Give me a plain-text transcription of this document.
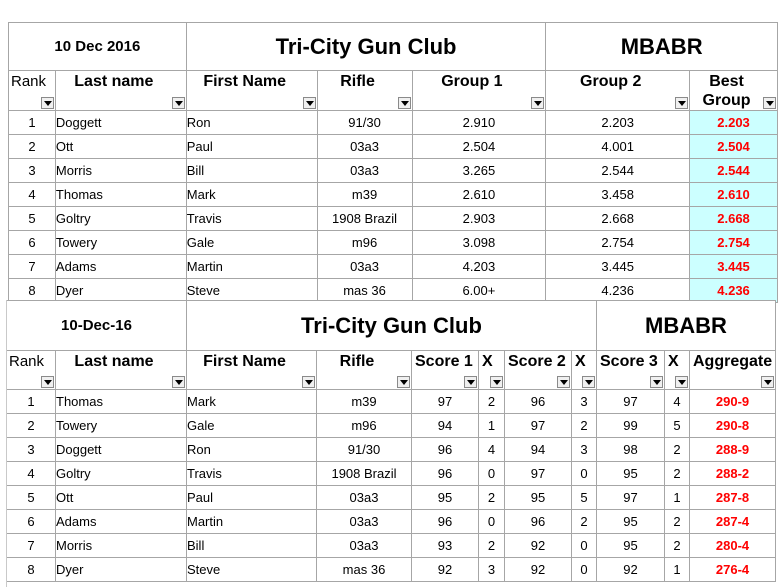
10 Dec 2016		Tri-City Gun Club			MBABR	

Rank	Last name	First Name	Rifle	Group 1	Group 2	Best Group

1	Doggett	Ron	91/30	2.910	2.203	2.203
2	Ott	Paul	03a3	2.504	4.001	2.504
3	Morris	Bill	03a3	3.265	2.544	2.544
4	Thomas	Mark	m39	2.610	3.458	2.610
5	Goltry	Travis	1908 Brazil	2.903	2.668	2.668
6	Towery	Gale	m96	3.098	2.754	2.754
7	Adams	Martin	03a3	4.203	3.445	3.445
8	Dyer	Steve	mas 36	6.00+	4.236	4.236
10-Dec-16		Tri-City Gun Club						MBABR		

Rank	Last name	First Name	Rifle	Score 1	X	Score 2	X	Score 3	X	Aggregate

1	Thomas	Mark	m39	97	2	96	3	97	4	290-9
2	Towery	Gale	m96	94	1	97	2	99	5	290-8
3	Doggett	Ron	91/30	96	4	94	3	98	2	288-9
4	Goltry	Travis	1908 Brazil	96	0	97	0	95	2	288-2
5	Ott	Paul	03a3	95	2	95	5	97	1	287-8
6	Adams	Martin	03a3	96	0	96	2	95	2	287-4
7	Morris	Bill	03a3	93	2	92	0	95	2	280-4
8	Dyer	Steve	mas 36	92	3	92	0	92	1	276-4
